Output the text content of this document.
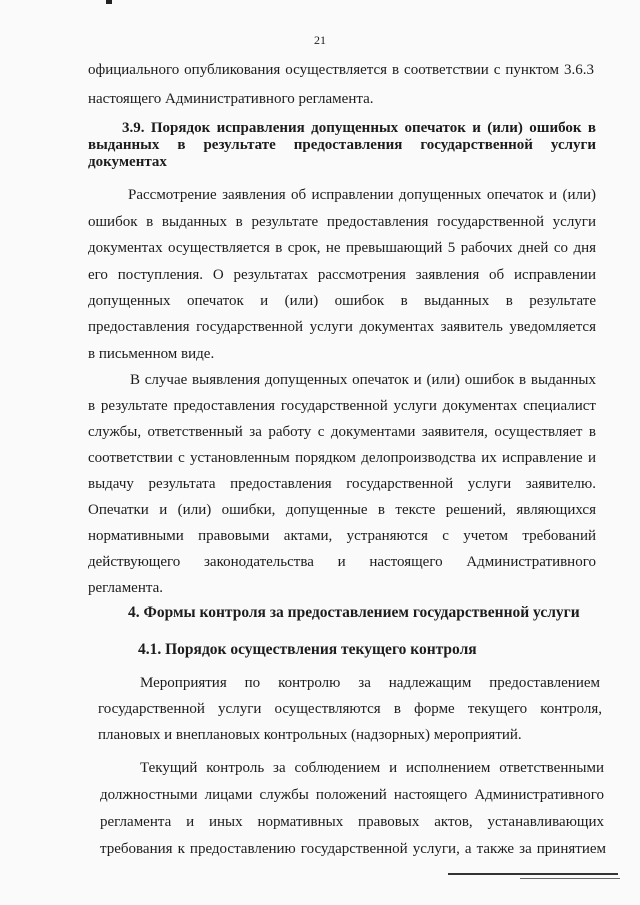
21
официального опубликования осуществляется в соответствии с пунктом 3.6.3
настоящего Административного регламента.
3.9. Порядок исправления допущенных опечаток и (или) ошибок в
выданных в результате предоставления государственной услуги
документах
Рассмотрение заявления об исправлении допущенных опечаток и (или)
ошибок в выданных в результате предоставления государственной услуги
документах осуществляется в срок, не превышающий 5 рабочих дней со дня
его поступления. О результатах рассмотрения заявления об исправлении
допущенных опечаток и (или) ошибок в выданных в результате
предоставления государственной услуги документах заявитель уведомляется
в письменном виде.
В случае выявления допущенных опечаток и (или) ошибок в выданных
в результате предоставления государственной услуги документах специалист
службы, ответственный за работу с документами заявителя, осуществляет в
соответствии с установленным порядком делопроизводства их исправление и
выдачу результата предоставления государственной услуги заявителю.
Опечатки и (или) ошибки, допущенные в тексте решений, являющихся
нормативными правовыми актами, устраняются с учетом требований
действующего законодательства и настоящего Административного
регламента.
4. Формы контроля за предоставлением государственной услуги
4.1. Порядок осуществления текущего контроля
Мероприятия по контролю за надлежащим предоставлением
государственной услуги осуществляются в форме текущего контроля,
плановых и внеплановых контрольных (надзорных) мероприятий.
Текущий контроль за соблюдением и исполнением ответственными
должностными лицами службы положений настоящего Административного
регламента и иных нормативных правовых актов, устанавливающих
требования к предоставлению государственной услуги, а также за принятием
